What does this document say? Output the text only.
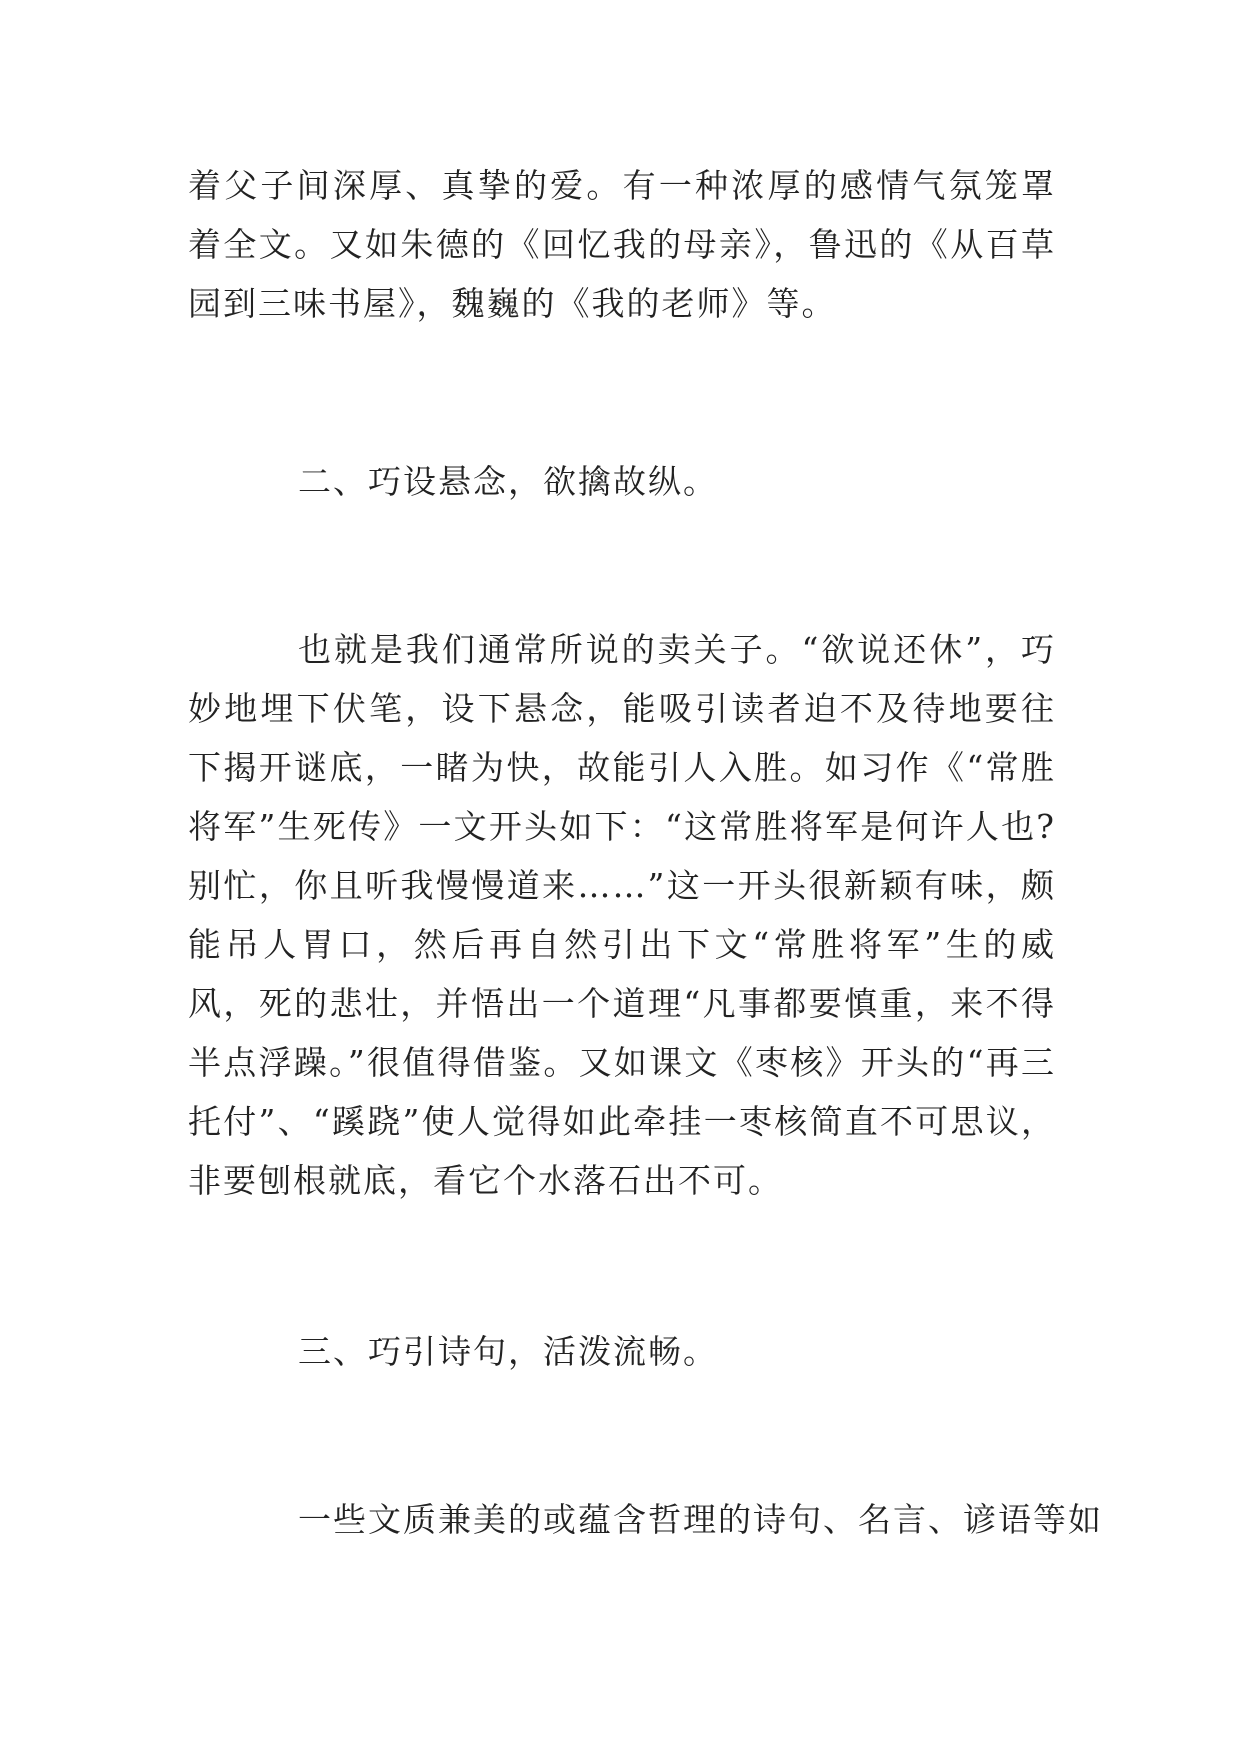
着父子间深厚、真挚的爱。有一种浓厚的感情气氛笼罩着全文。又如朱德的《回忆我的母亲》，鲁迅的《从百草园到三味书屋》，魏巍的《我的老师》等。

二、巧设悬念，欲擒故纵。

也就是我们通常所说的卖关子。“欲说还休”，巧妙地埋下伏笔，设下悬念，能吸引读者迫不及待地要往下揭开谜底，一睹为快，故能引人入胜。如习作《“常胜将军”生死传》一文开头如下：“这常胜将军是何许人也?别忙，你且听我慢慢道来……”这一开头很新颖有味，颇能吊人胃口，然后再自然引出下文“常胜将军”生的威风，死的悲壮，并悟出一个道理“凡事都要慎重，来不得半点浮躁。”很值得借鉴。又如课文《枣核》开头的“再三托付”、“蹊跷”使人觉得如此牵挂一枣核简直不可思议，非要刨根就底，看它个水落石出不可。

三、巧引诗句，活泼流畅。

一些文质兼美的或蕴含哲理的诗句、名言、谚语等如
